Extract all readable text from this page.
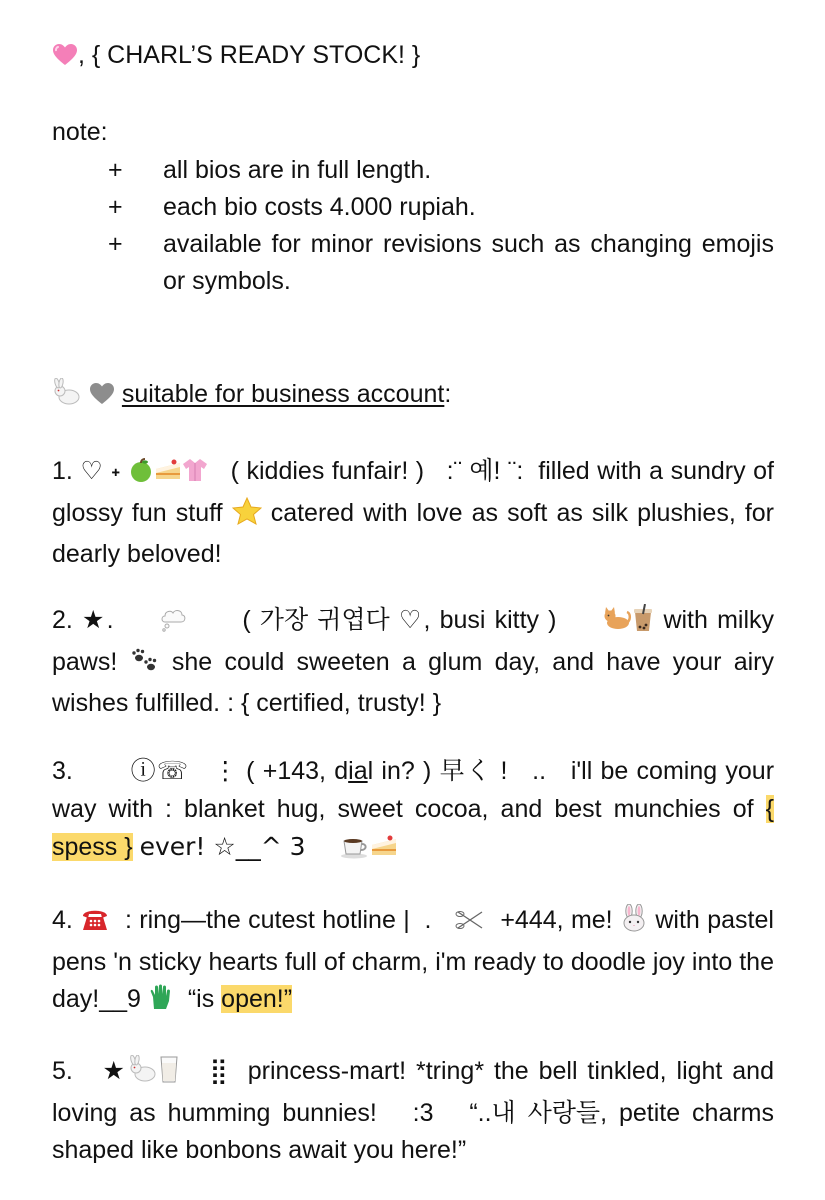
, { CHARL’S READY STOCK! }
note:
+ all bios are in full length.
+ each bio costs 4.000 rupiah.
+ available for minor revisions such as changing emojis or symbols.
suitable for business account:
1. ♡ ˖	( kiddies funfair! ) :¨ 예! ¨: filled with a sundry of glossy fun stuff catered with love as soft as silk plushies, for dearly beloved!
2. ★.	( 가장 귀엽다 ♡, busi kitty )	with milky paws! she could sweeten a glum day, and have your airy wishes fulfilled. : { certified, trusty! }
3. ⓘ☏ ⋮ ( +143, dial in? ) 早く ! .. i'll be coming your way with : blanket hug, sweet cocoa, and best munchies of { spess } ever! ☆__^ 3
4. : ring—the cutest hotline | .	+444, me! with pastel pens 'n sticky hearts full of charm, i'm ready to doodle joy into the day!__9 “is open!”
5. ★	⣿ princess-mart! *tring* the bell tinkled, light and loving as humming bunnies! :3 “..내 사랑들, petite charms shaped like bonbons await you here!”
